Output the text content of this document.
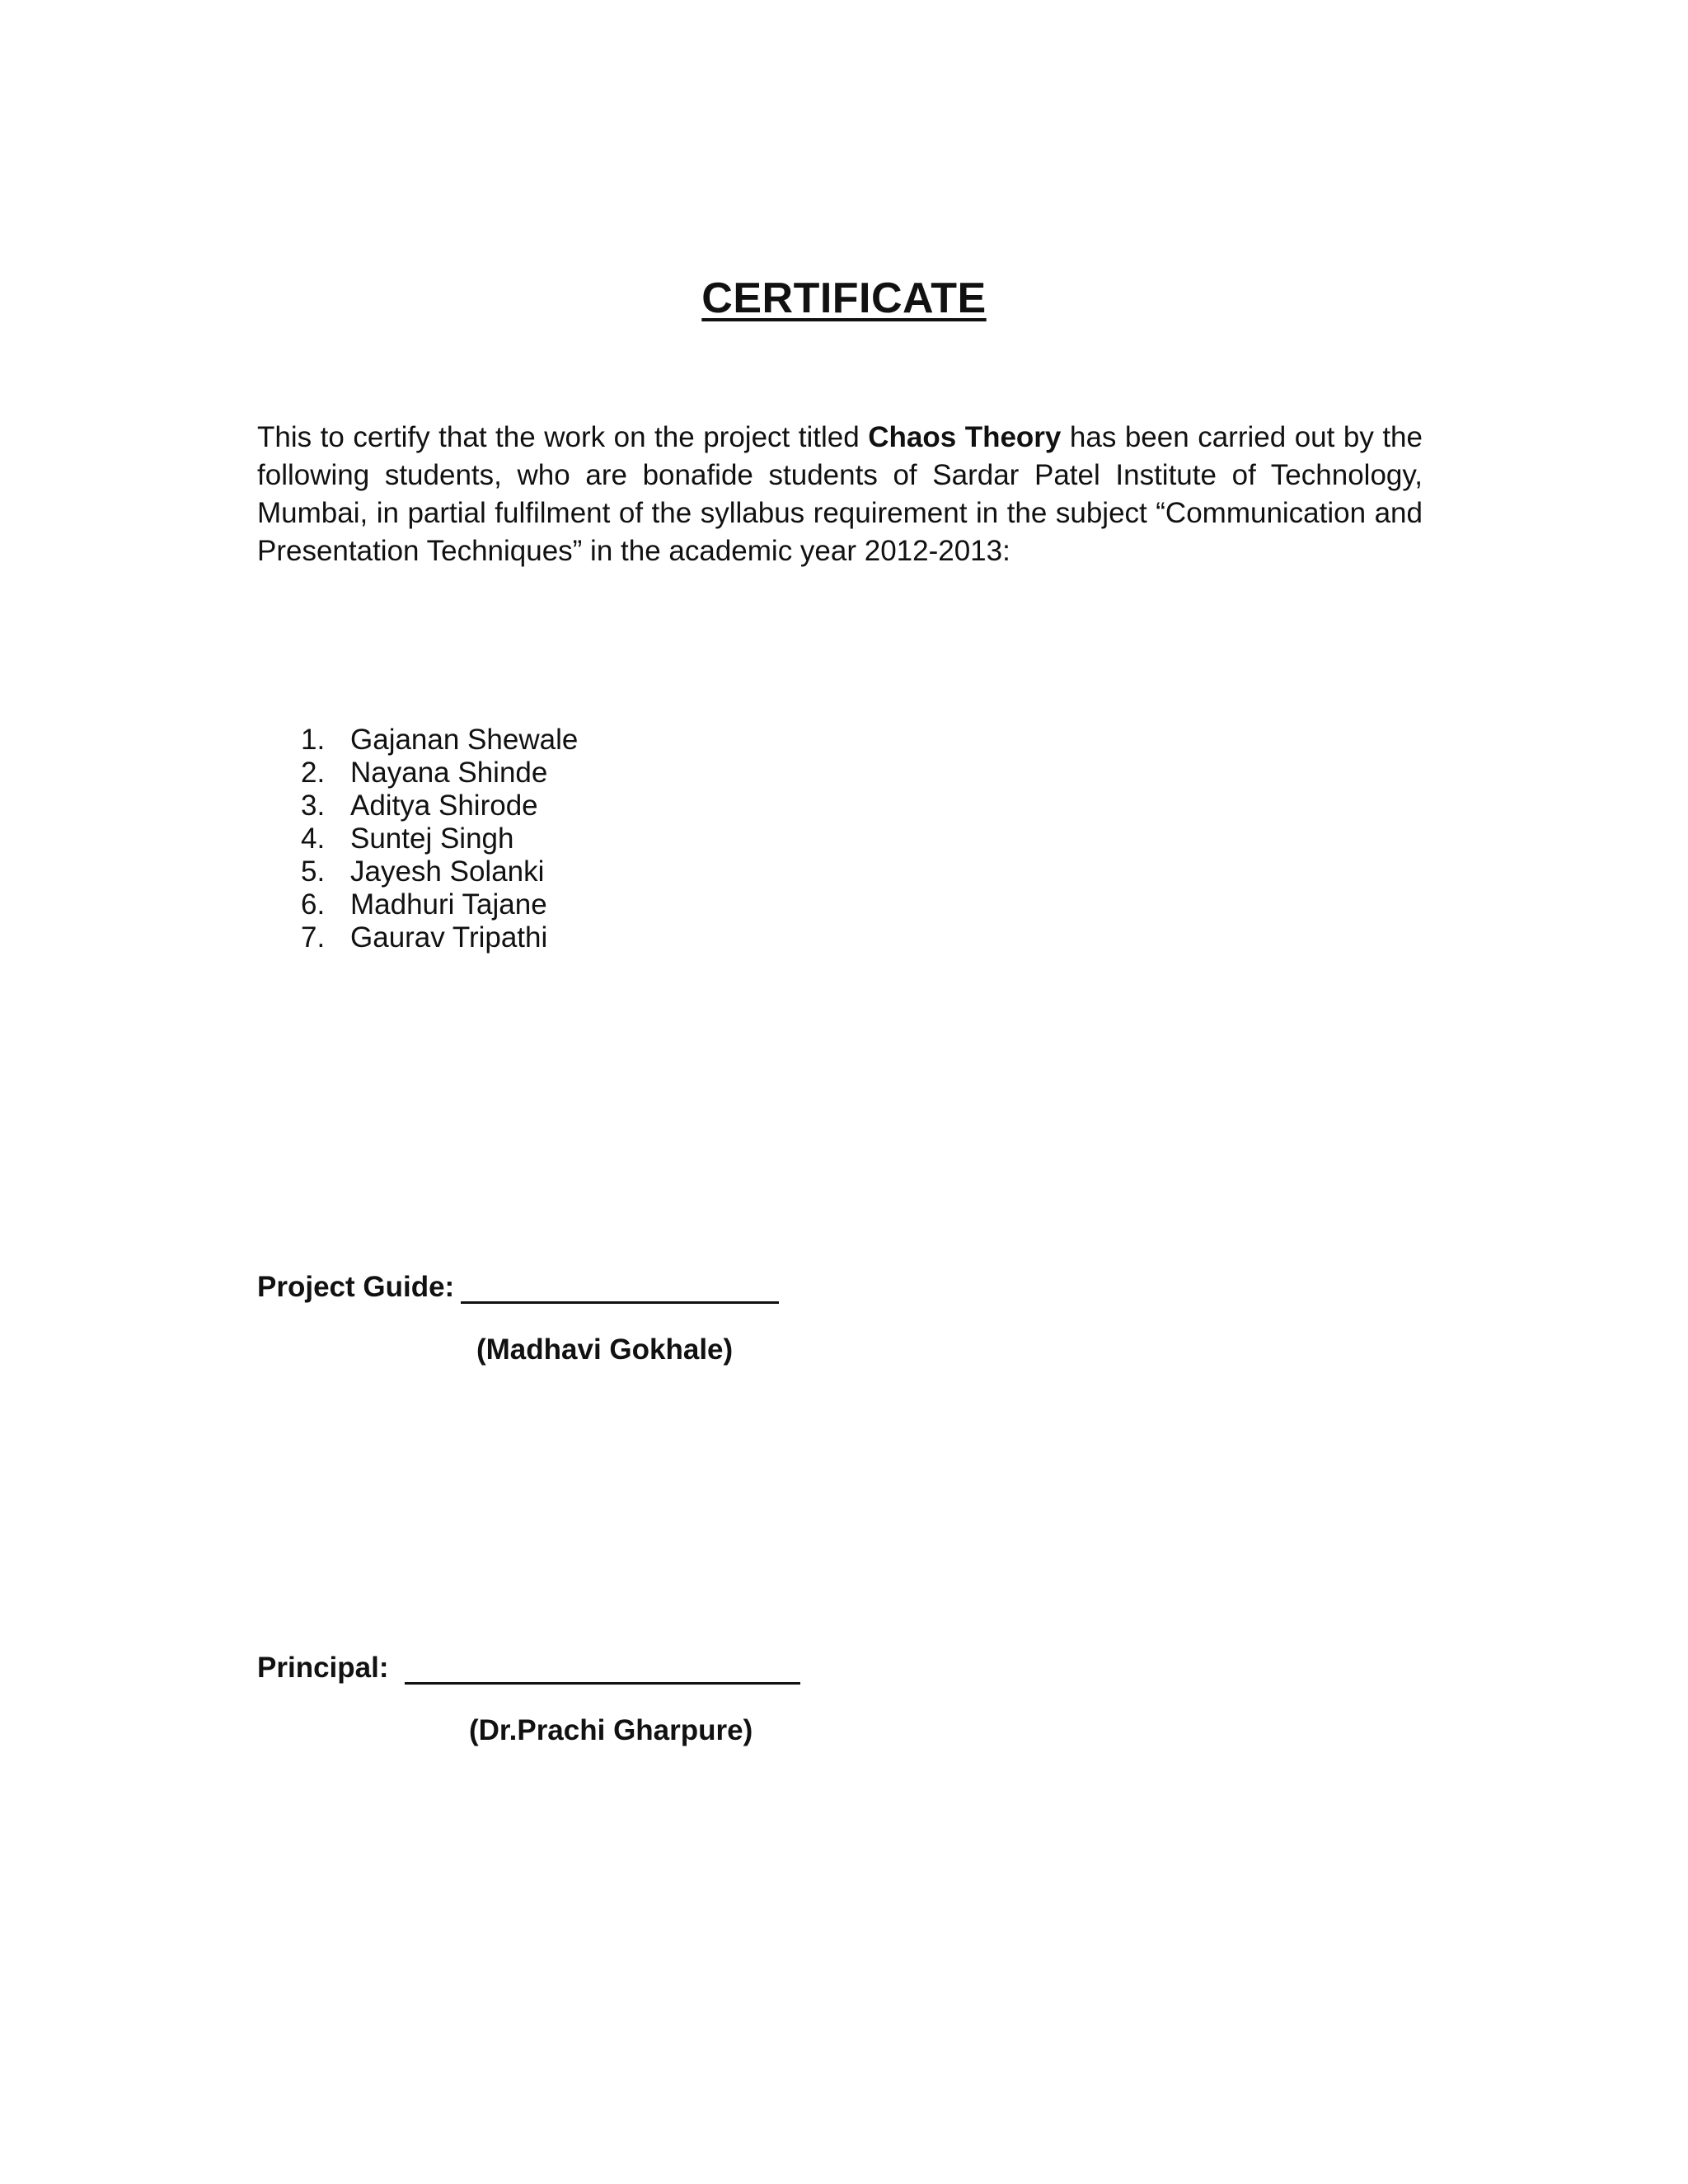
CERTIFICATE

This to certify that the work on the project titled Chaos Theory has been carried out by the following students, who are bonafide students of Sardar Patel Institute of Technology, Mumbai, in partial fulfilment of the syllabus requirement in the subject “Communication and Presentation Techniques” in the academic year 2012-2013:

1. Gajanan Shewale
2. Nayana Shinde
3. Aditya Shirode
4. Suntej Singh
5. Jayesh Solanki
6. Madhuri Tajane
7. Gaurav Tripathi
Project Guide:
(Madhavi Gokhale)
Principal:
(Dr.Prachi Gharpure)
